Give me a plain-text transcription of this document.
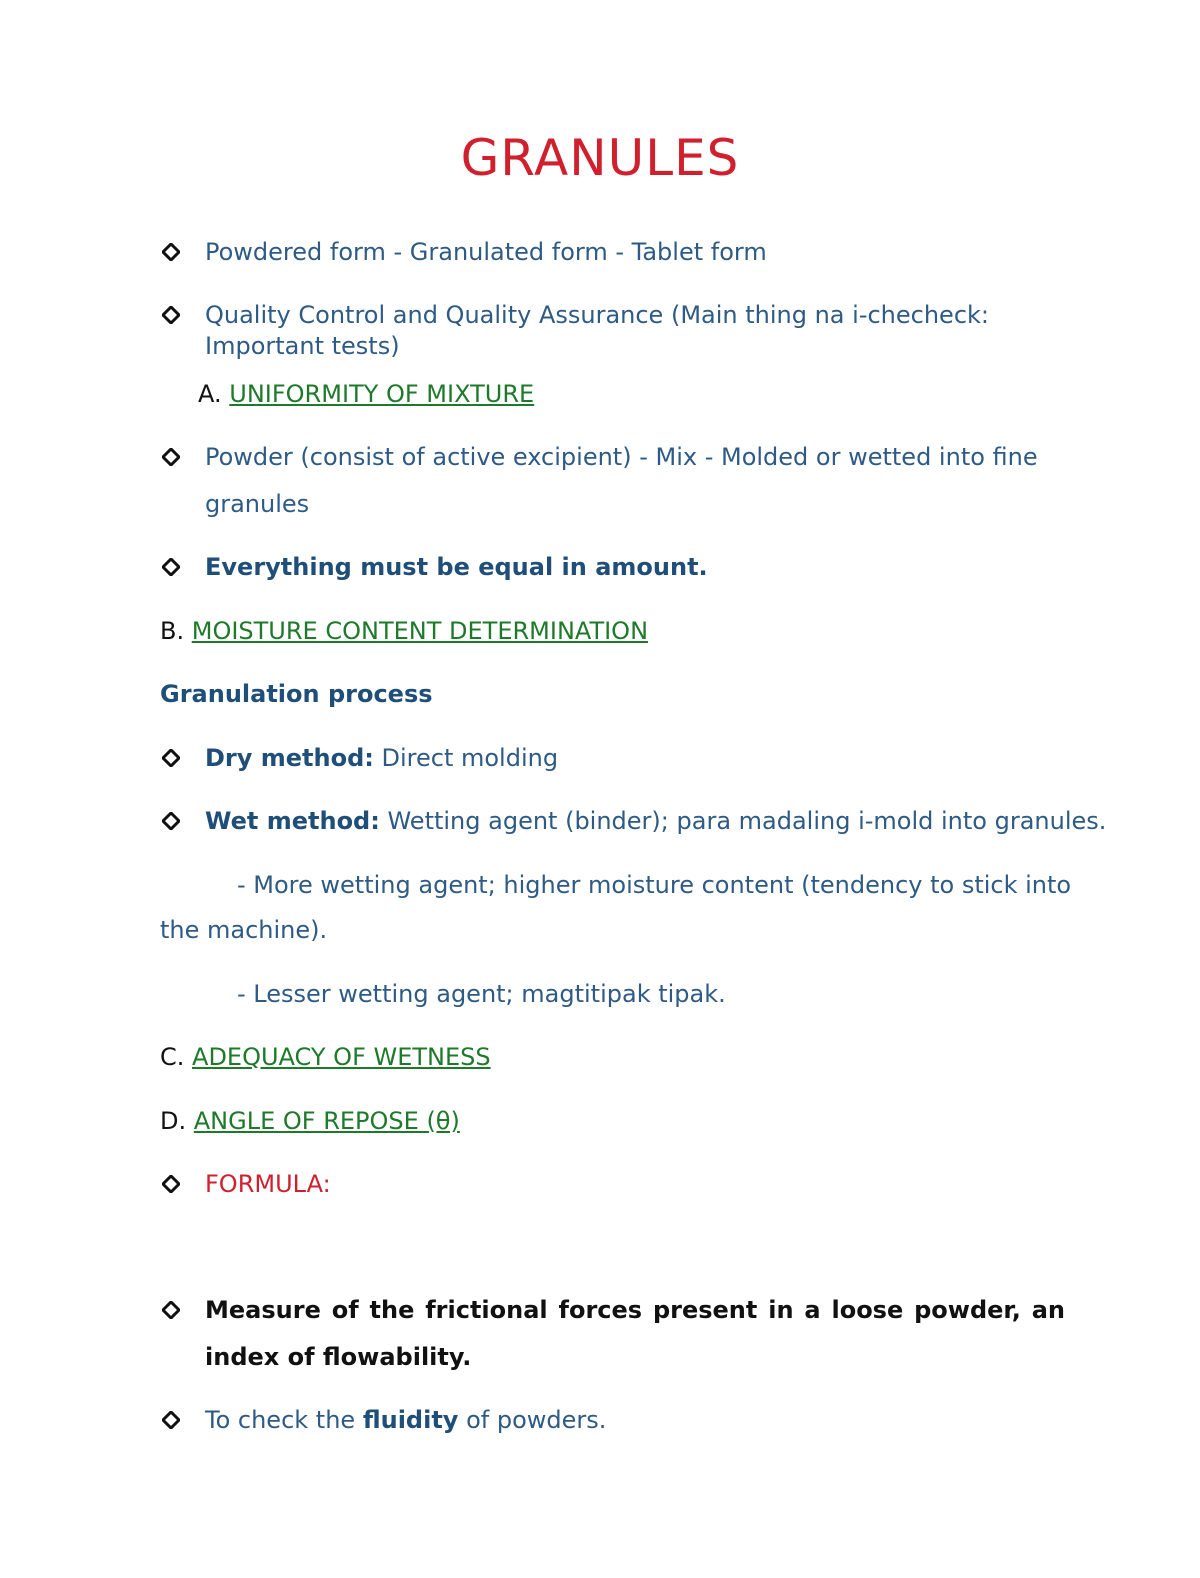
GRANULES
Powdered form - Granulated form - Tablet form
Quality Control and Quality Assurance (Main thing na i-checheck:
Important tests)
A. UNIFORMITY OF MIXTURE
Powder (consist of active excipient) - Mix - Molded or wetted into fine
granules
Everything must be equal in amount.
B. MOISTURE CONTENT DETERMINATION
Granulation process
Dry method: Direct molding
Wet method: Wetting agent (binder); para madaling i-mold into granules.
- More wetting agent; higher moisture content (tendency to stick into
the machine).
- Lesser wetting agent; magtitipak tipak.
C. ADEQUACY OF WETNESS
D. ANGLE OF REPOSE (θ)
FORMULA:
Measure of the frictional forces present in a loose powder, an
index of flowability.
To check the fluidity of powders.
